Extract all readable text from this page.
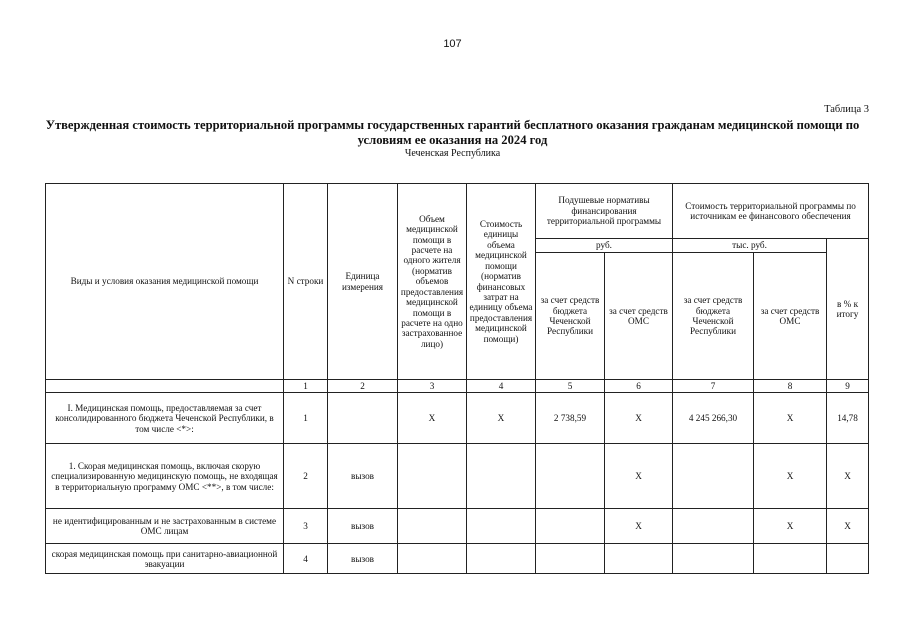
107
Таблица 3
Утвержденная стоимость территориальной программы государственных гарантий бесплатного оказания гражданам медицинской помощи по условиям ее оказания на 2024 год
Чеченская Республика
Виды и условия оказания медицинской помощи	N строки	Единица измерения	Объем медицинской помощи в расчете на одного жителя (норматив объемов предоставления медицинской помощи в расчете на одно застрахованное лицо)	Стоимость единицы объема медицинской помощи (норматив финансовых затрат на единицу объема предоставления медицинской помощи)	Подушевые нормативы финансирования территориальной программы		Стоимость территориальной программы по источникам ее финансового обеспечения		
					руб.		тыс. руб.		в % к итогу
					за счет средств бюджета Чеченской Республики	за счет средств ОМС	за счет средств бюджета Чеченской Республики	за счет средств ОМС	
	1	2	3	4	5	6	7	8	9
I. Медицинская помощь, предоставляемая за счет консолидированного бюджета Чеченской Республики, в том числе <*>:	1		Х	Х	2 738,59	Х	4 245 266,30	Х	14,78
1. Скорая медицинская помощь, включая скорую специализированную медицинскую помощь, не входящая в территориальную программу ОМС <**>, в том числе:	2	вызов				Х		Х	Х
не идентифицированным и не застрахованным в системе ОМС лицам	3	вызов				Х		Х	Х
скорая медицинская помощь при санитарно-авиационной эвакуации	4	вызов							
